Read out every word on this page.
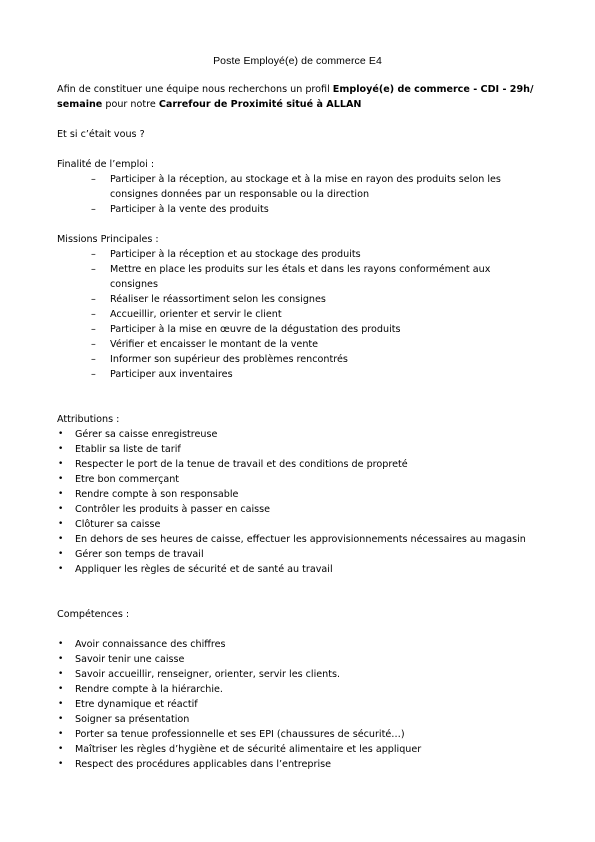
Poste Employé(e) de commerce E4
Afin de constituer une équipe nous recherchons un profil Employé(e) de commerce - CDI - 29h/ semaine pour notre Carrefour de Proximité situé à ALLAN

Et si c’était vous ?

Finalité de l’emploi :

– Participer à la réception, au stockage et à la mise en rayon des produits selon les consignes données par un responsable ou la direction
– Participer à la vente des produits

Missions Principales :

– Participer à la réception et au stockage des produits
– Mettre en place les produits sur les étals et dans les rayons conformément aux consignes
– Réaliser le réassortiment selon les consignes
– Accueillir, orienter et servir le client
– Participer à la mise en œuvre de la dégustation des produits
– Vérifier et encaisser le montant de la vente
– Informer son supérieur des problèmes rencontrés
– Participer aux inventaires

Attributions :

• Gérer sa caisse enregistreuse
• Etablir sa liste de tarif
• Respecter le port de la tenue de travail et des conditions de propreté
• Etre bon commerçant
• Rendre compte à son responsable
• Contrôler les produits à passer en caisse
• Clôturer sa caisse
• En dehors de ses heures de caisse, effectuer les approvisionnements nécessaires au magasin
• Gérer son temps de travail
• Appliquer les règles de sécurité et de santé au travail

Compétences :

• Avoir connaissance des chiffres
• Savoir tenir une caisse
• Savoir accueillir, renseigner, orienter, servir les clients.
• Rendre compte à la hiérarchie.
• Etre dynamique et réactif
• Soigner sa présentation
• Porter sa tenue professionnelle et ses EPI (chaussures de sécurité…)
• Maîtriser les règles d’hygiène et de sécurité alimentaire et les appliquer
• Respect des procédures applicables dans l’entreprise
